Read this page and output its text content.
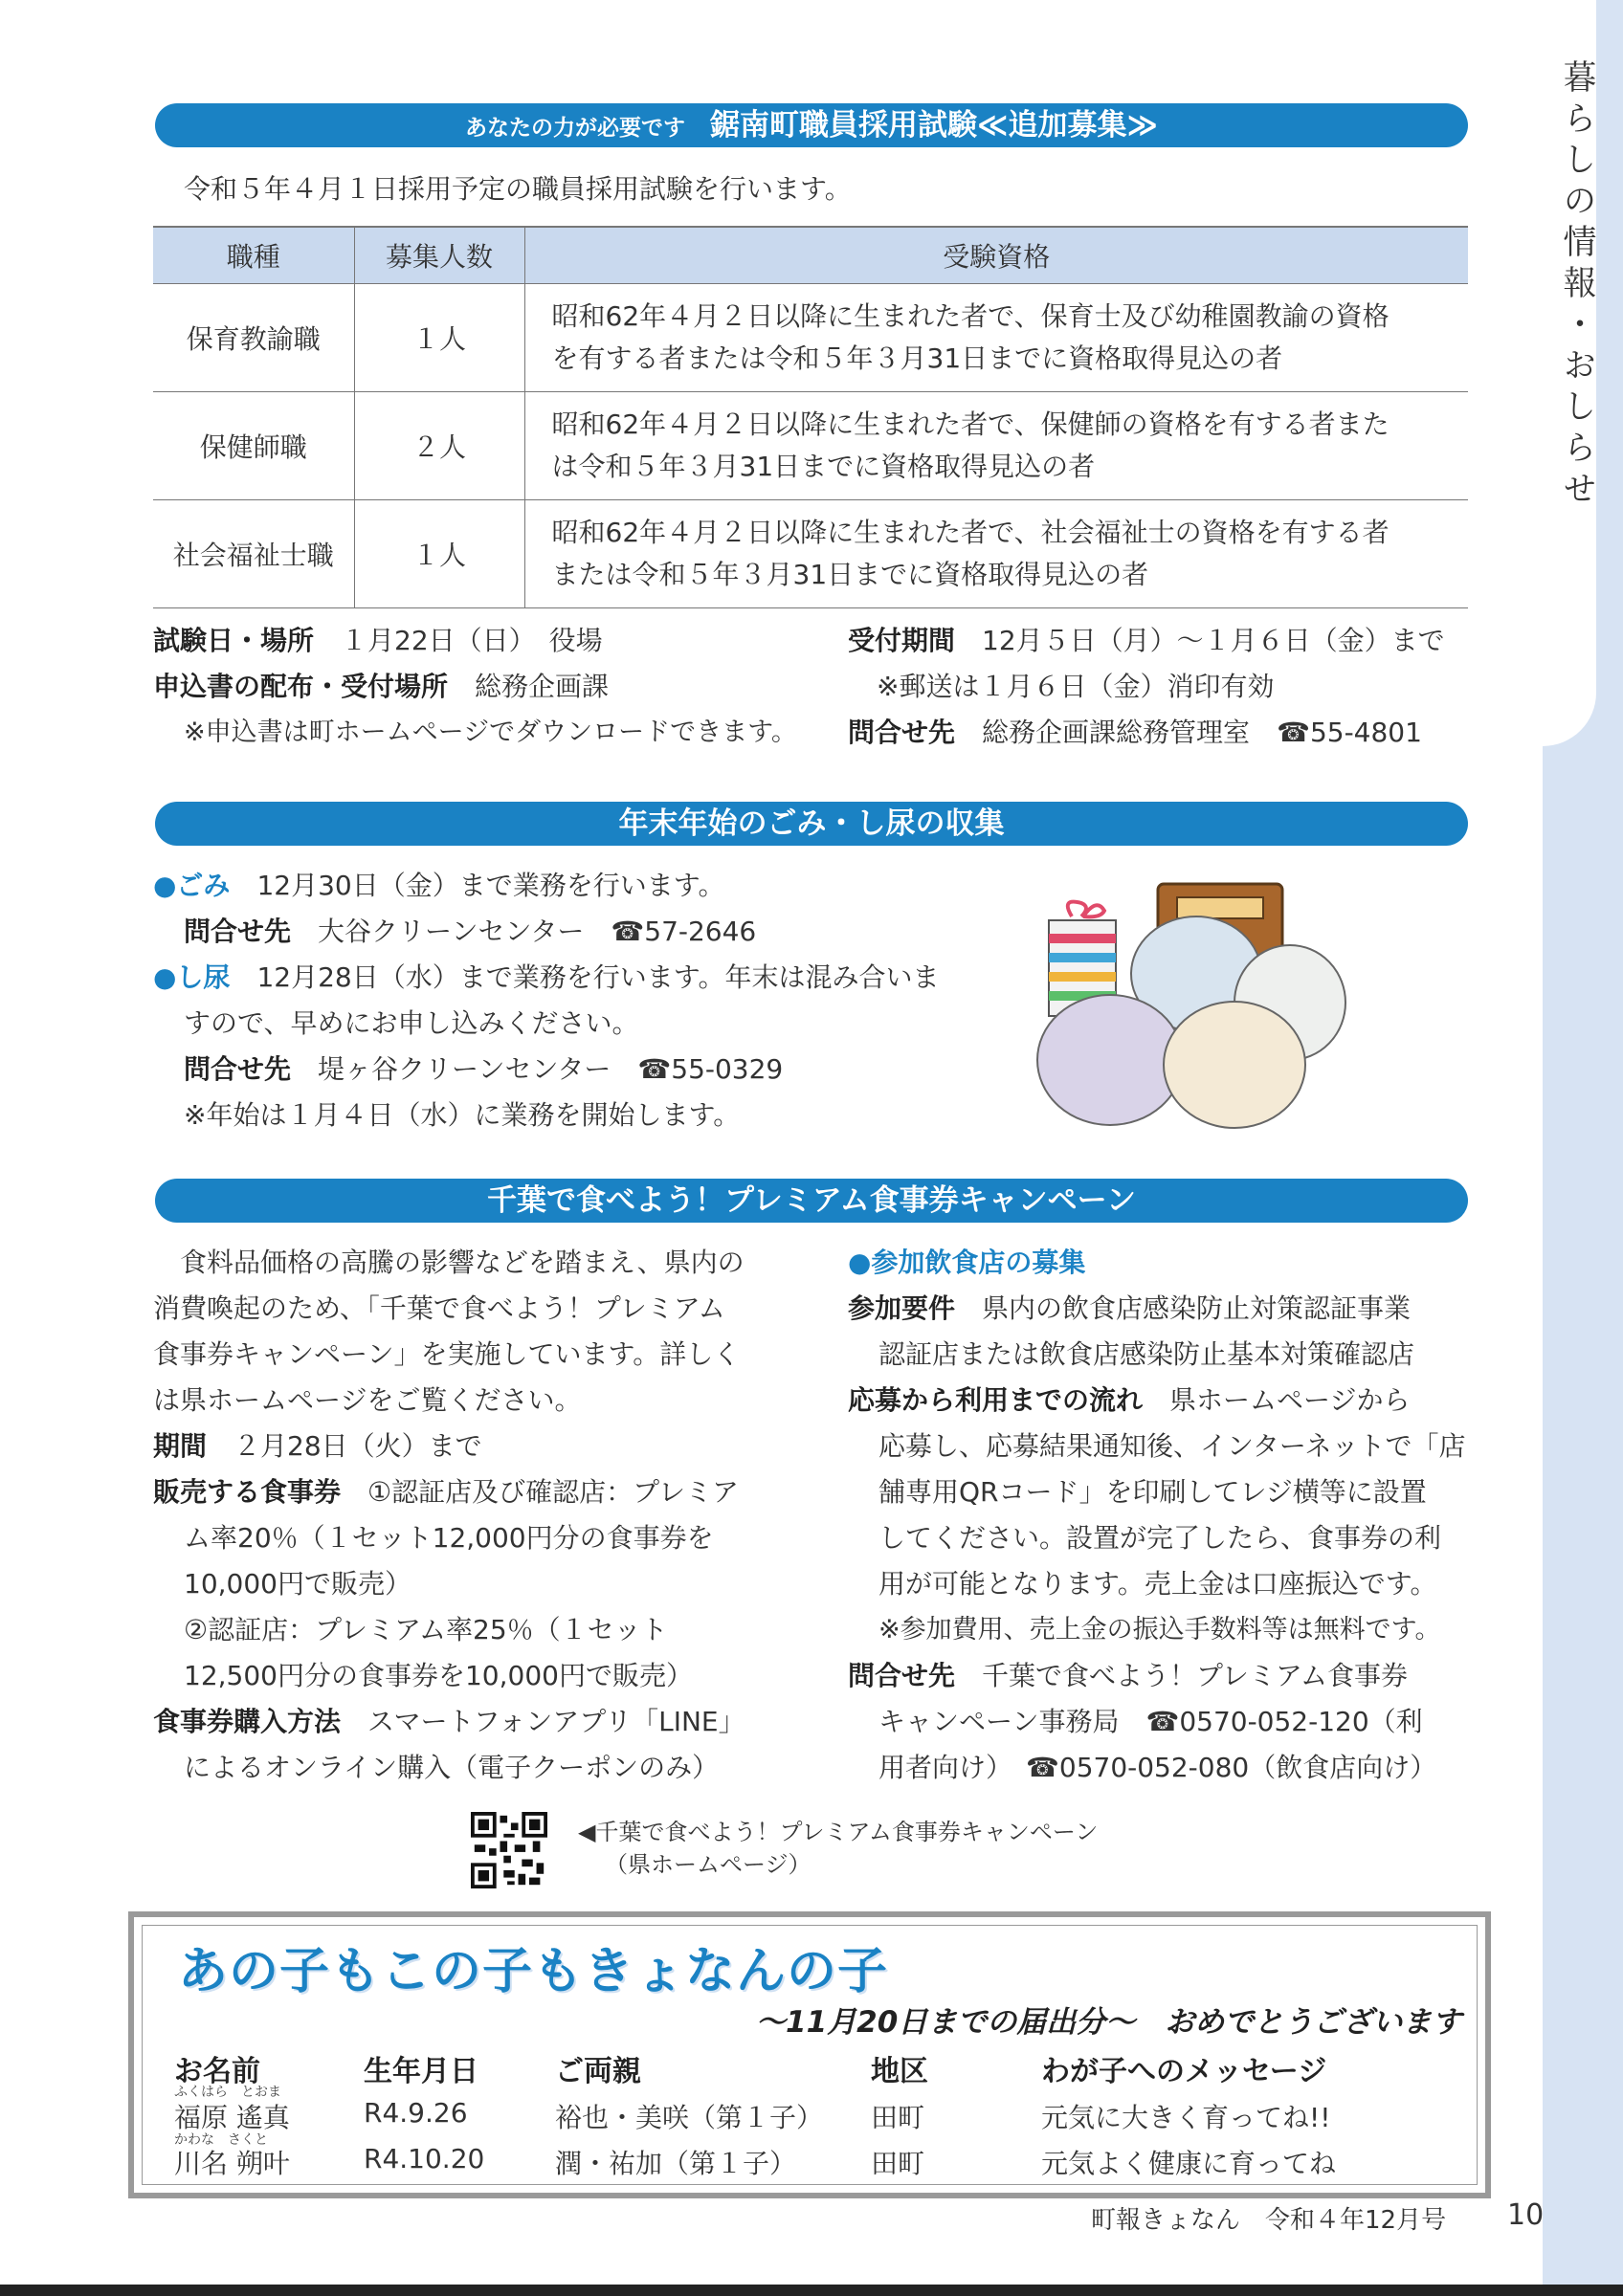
暮らしの情報・おしらせ
あなたの力が必要です 鋸南町職員採用試験≪追加募集≫
令和５年４月１日採用予定の職員採用試験を行います。
職種	募集人数	受験資格
保育教諭職	１人	昭和62年４月２日以降に生まれた者で、保育士及び幼稚園教諭の資格
を有する者または令和５年３月31日までに資格取得見込の者
保健師職	２人	昭和62年４月２日以降に生まれた者で、保健師の資格を有する者また
は令和５年３月31日までに資格取得見込の者
社会福祉士職	１人	昭和62年４月２日以降に生まれた者で、社会福祉士の資格を有する者
または令和５年３月31日までに資格取得見込の者
試験日・場所　 １月22日（日）　役場
申込書の配布・受付場所　 総務企画課
※申込書は町ホームページでダウンロードできます。
受付期間　 12月５日（月）～１月６日（金）まで
※郵送は１月６日（金）消印有効
問合せ先　 総務企画課総務管理室　 ☎55-4801
年末年始のごみ・し尿の収集
●ごみ　 12月30日（金）まで業務を行います。
問合せ先　 大谷クリーンセンター　 ☎57-2646
●し尿　 12月28日（水）まで業務を行います。年末は混み合いま
すので、早めにお申し込みください。
問合せ先　 堤ヶ谷クリーンセンター　 ☎55-0329
※年始は１月４日（水）に業務を開始します。
千葉で食べよう！プレミアム食事券キャンペーン
　食料品価格の高騰の影響などを踏まえ、県内の
消費喚起のため、「千葉で食べよう！プレミアム
食事券キャンペーン」を実施しています。詳しく
は県ホームページをご覧ください。
期間　 ２月28日（火）まで
販売する食事券　 ①認証店及び確認店：プレミア
ム率20％（１セット12,000円分の食事券を
10,000円で販売）
②認証店：プレミアム率25％（１セット
12,500円分の食事券を10,000円で販売）
食事券購入方法　 スマートフォンアプリ「LINE」
によるオンライン購入（電子クーポンのみ）
●参加飲食店の募集
参加要件　 県内の飲食店感染防止対策認証事業
認証店または飲食店感染防止基本対策確認店
応募から利用までの流れ　 県ホームページから
応募し、応募結果通知後、インターネットで「店
舗専用QRコード」を印刷してレジ横等に設置
してください。設置が完了したら、食事券の利
用が可能となります。売上金は口座振込です。
※参加費用、売上金の振込手数料等は無料です。
問合せ先　 千葉で食べよう！プレミアム食事券
キャンペーン事務局　☎0570-052-120（利
用者向け）　☎0570-052-080（飲食店向け）
◀千葉で食べよう！プレミアム食事券キャンペーン
（県ホームページ）
あの子もこの子もきょなんの子
～11月20日までの届出分～　おめでとうございます
お名前	生年月日	ご両親	地区	わが子へのメッセージ
ふくはら　とおま
福原 遙真	R4.9.26	裕也・美咲（第１子） 田町	元気に大きく育ってね!!
かわな　さくと
川名 朔叶	R4.10.20	潤・祐加（第１子）	田町	元気よく健康に育ってね
町報きょなん　令和４年12月号 10
